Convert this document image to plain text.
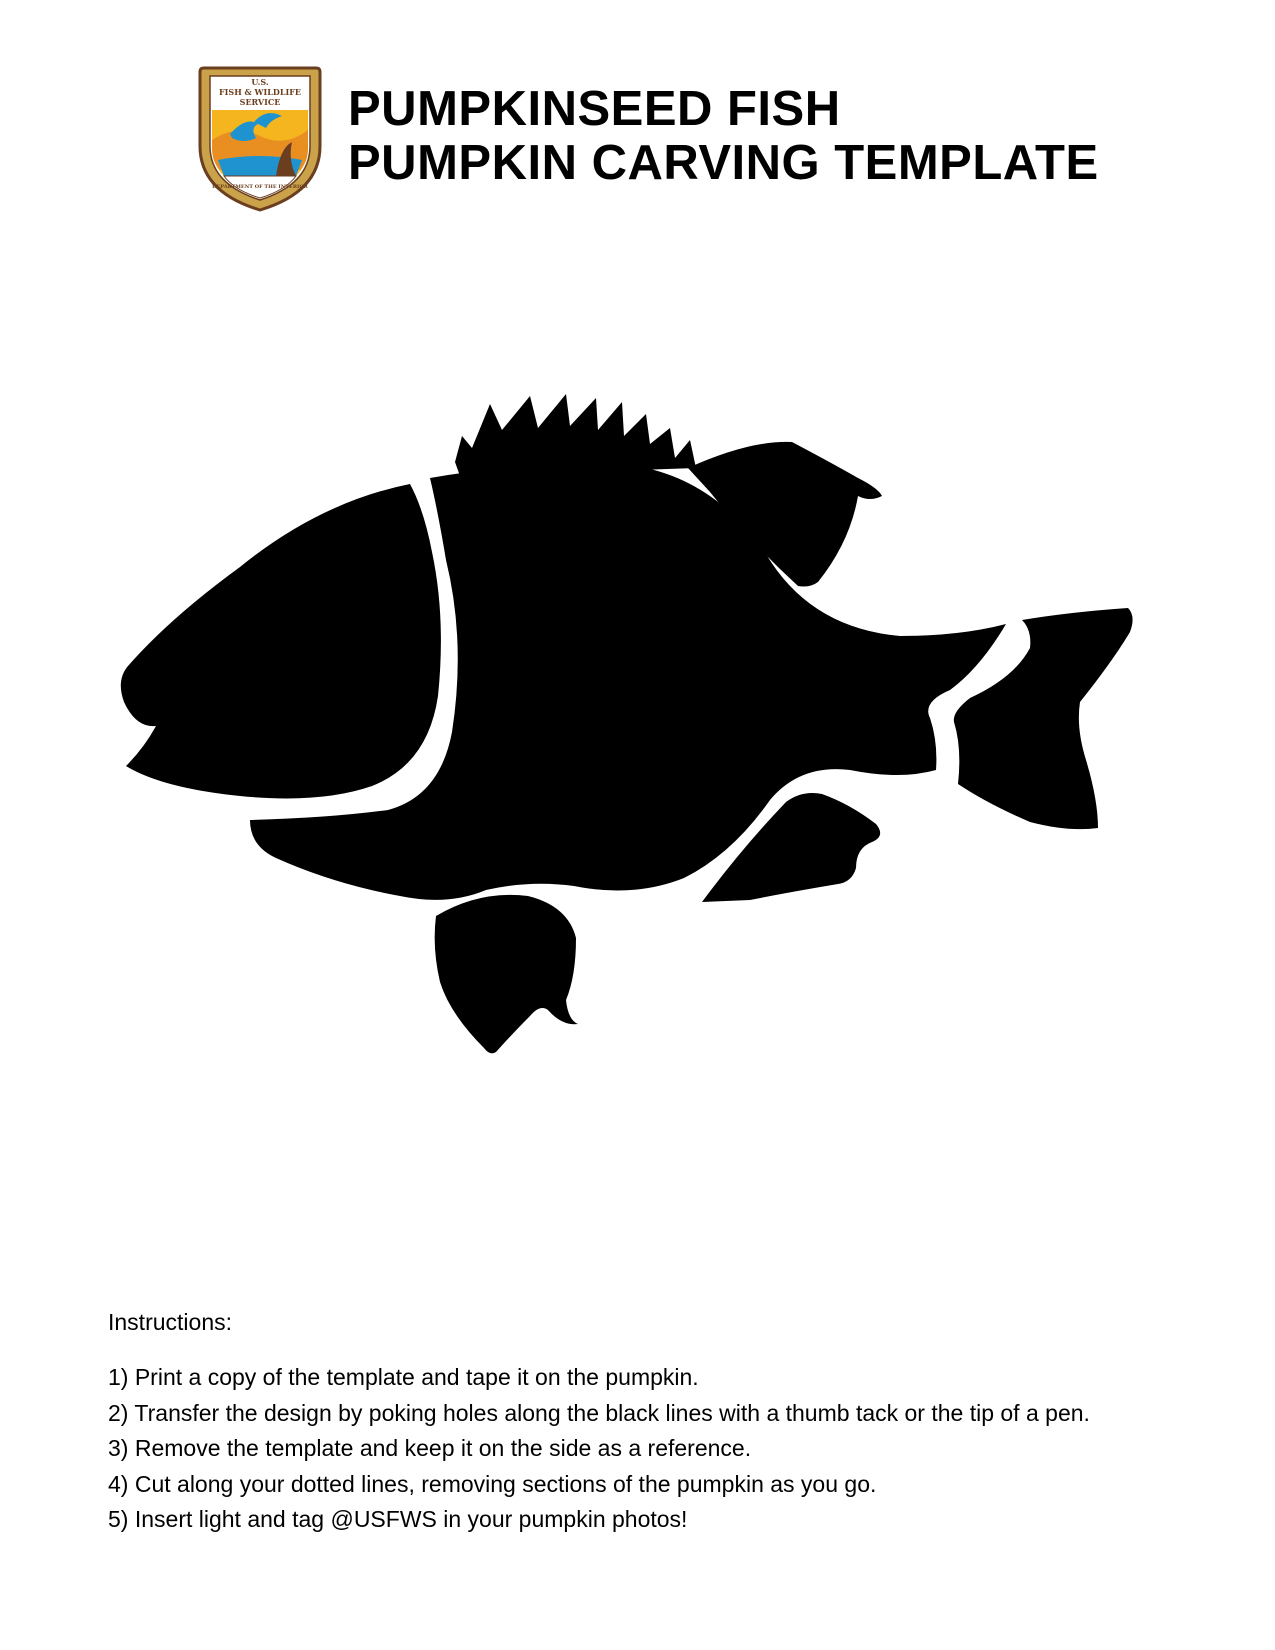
U.S.
FISH & WILDLIFE
SERVICE
DEPARTMENT OF THE INTERIOR
PUMPKINSEED FISH
PUMPKIN CARVING TEMPLATE

Instructions:

1) Print a copy of the template and tape it on the pumpkin.
2) Transfer the design by poking holes along the black lines with a thumb tack or the tip of a pen.
3) Remove the template and keep it on the side as a reference.
4) Cut along your dotted lines, removing sections of the pumpkin as you go.
5) Insert light and tag @USFWS in your pumpkin photos!
